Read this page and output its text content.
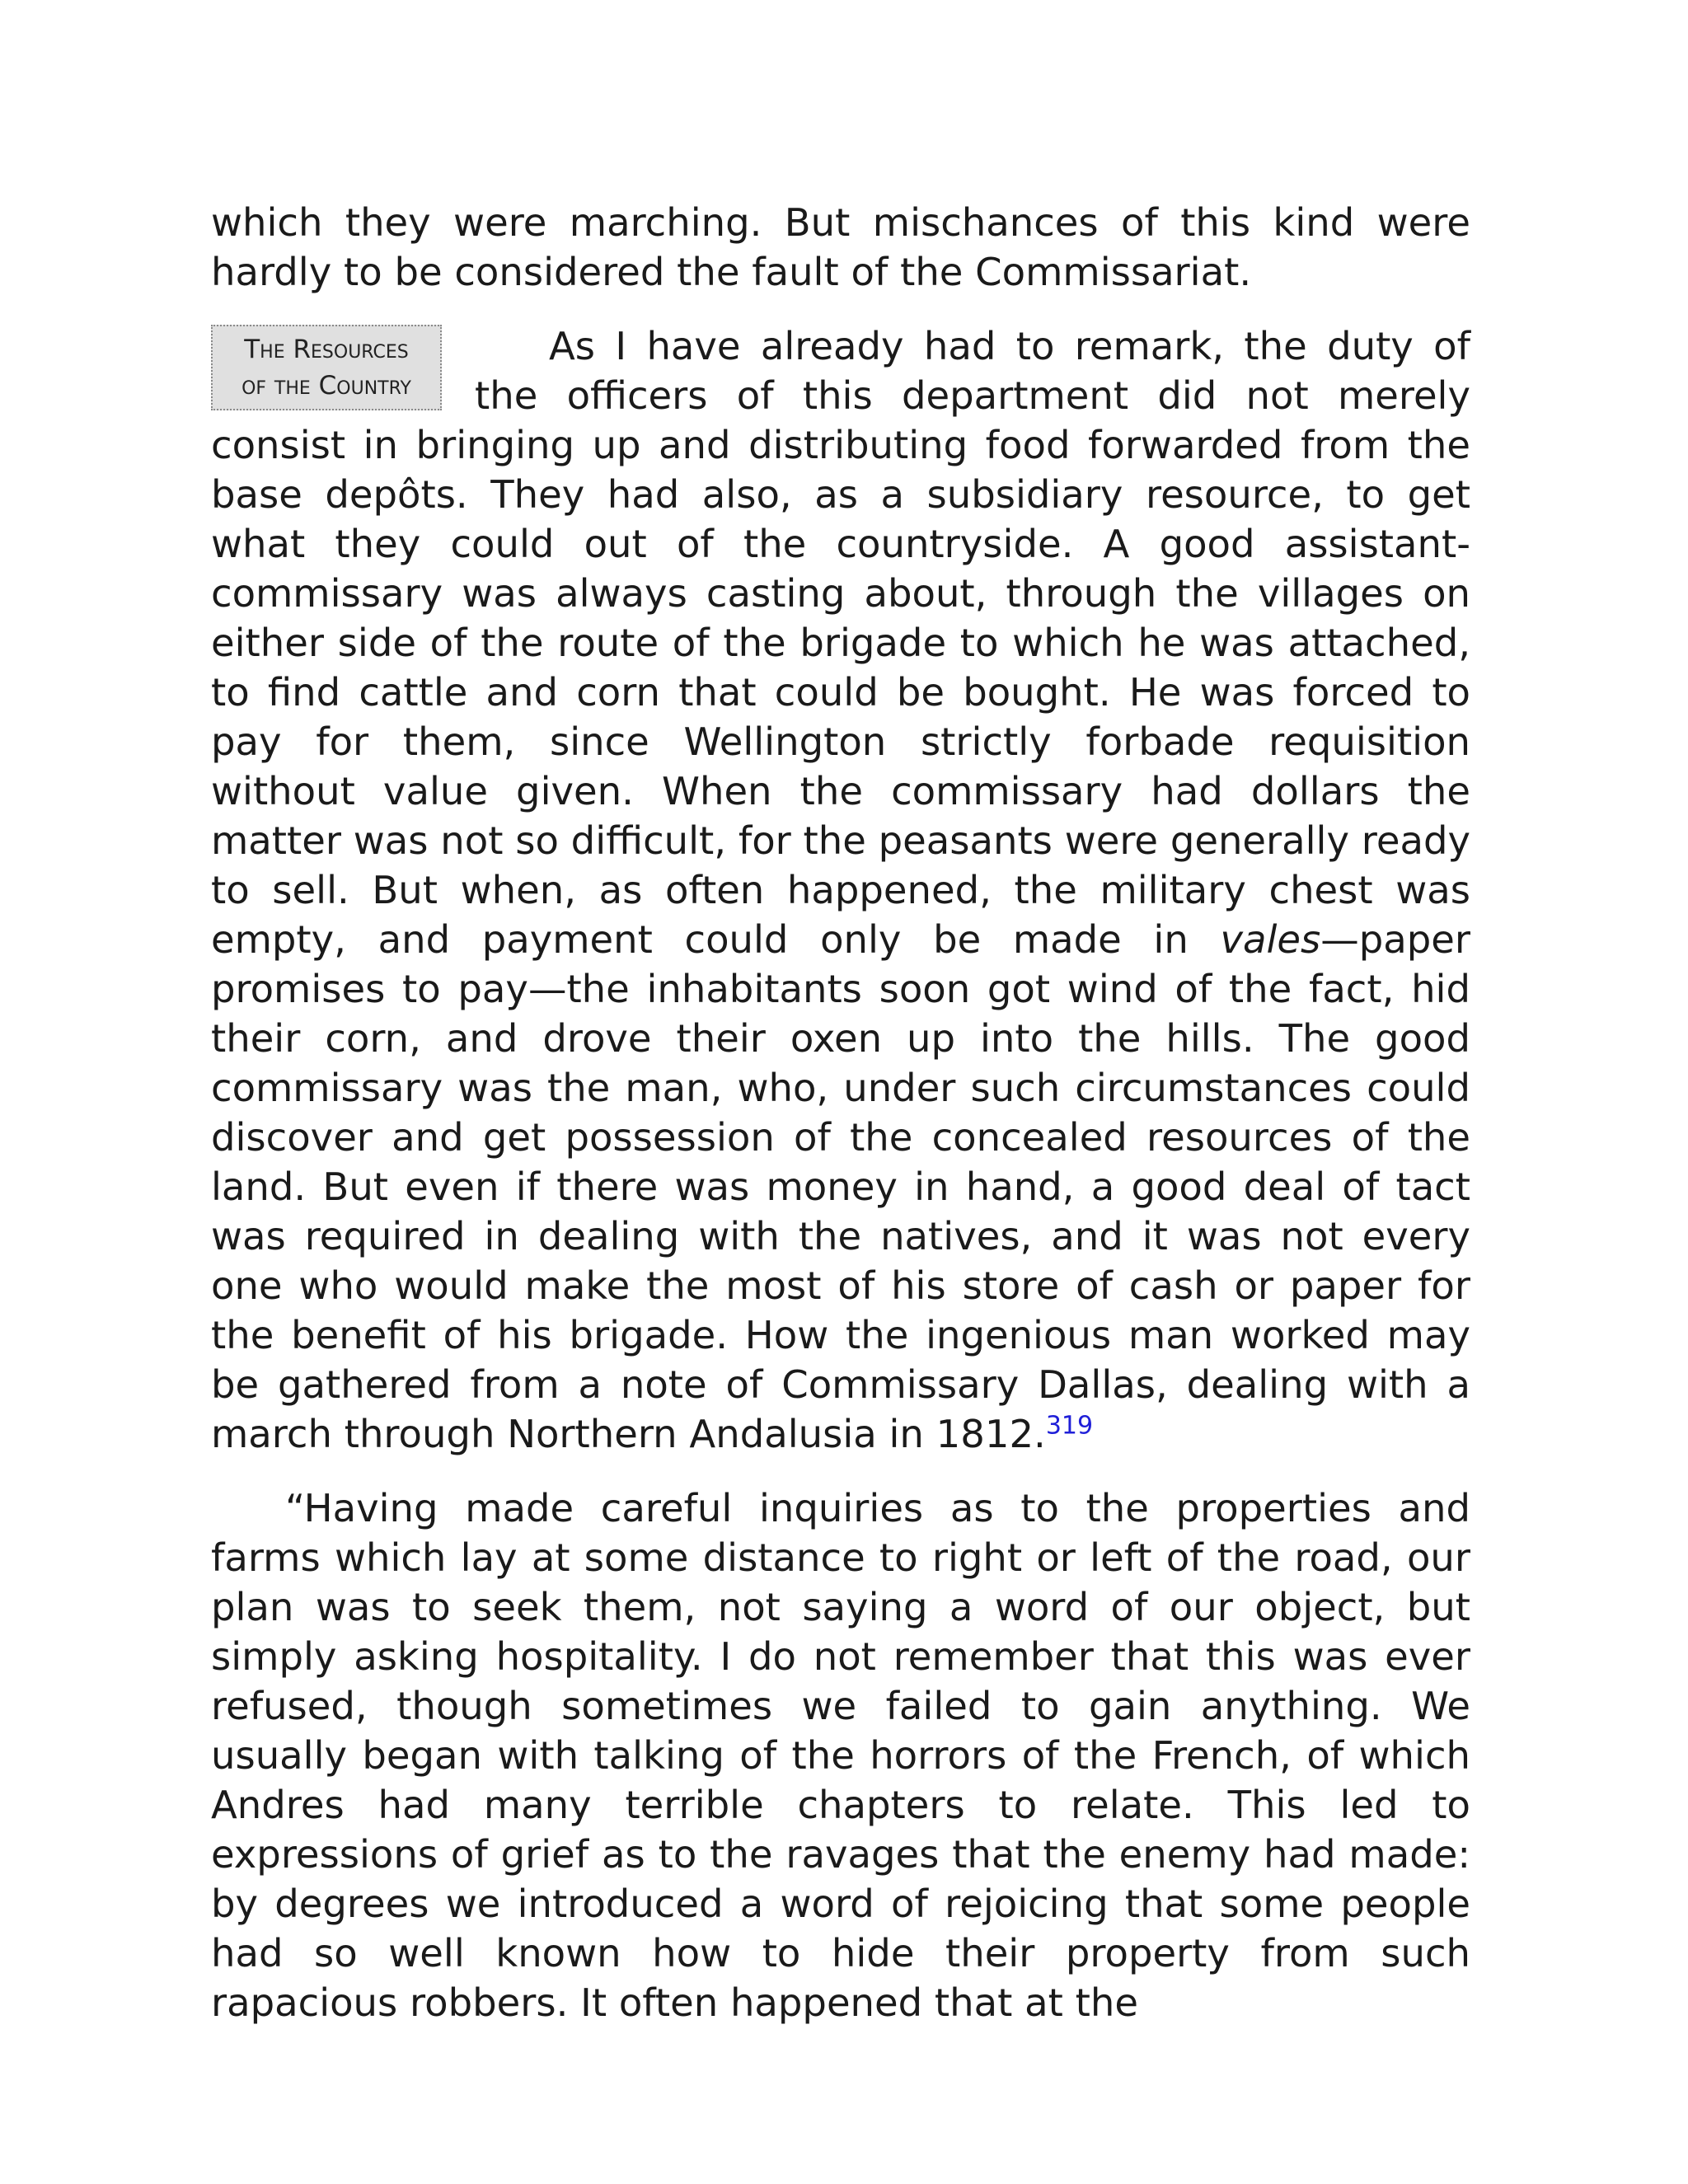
which they were marching. But mischances of this kind were hardly to be considered the fault of the Commissariat.

The Resources
of the Country
As I have already had to remark, the duty of the officers of this department did not merely consist in bringing up and distributing food forwarded from the base depôts. They had also, as a subsidiary resource, to get what they could out of the countryside. A good assistant-commissary was always casting about, through the villages on either side of the route of the brigade to which he was attached, to find cattle and corn that could be bought. He was forced to pay for them, since Wellington strictly forbade requisition without value given. When the commissary had dollars the matter was not so difficult, for the peasants were generally ready to sell. But when, as often happened, the military chest was empty, and payment could only be made in vales—paper promises to pay—the inhabitants soon got wind of the fact, hid their corn, and drove their oxen up into the hills. The good commissary was the man, who, under such circumstances could discover and get possession of the concealed resources of the land. But even if there was money in hand, a good deal of tact was required in dealing with the natives, and it was not every one who would make the most of his store of cash or paper for the benefit of his brigade. How the ingenious man worked may be gathered from a note of Commissary Dallas, dealing with a march through Northern Andalusia in 1812.$^{319}$

“Having made careful inquiries as to the properties and farms which lay at some distance to right or left of the road, our plan was to seek them, not saying a word of our object, but simply asking hospitality. I do not remember that this was ever refused, though sometimes we failed to gain anything. We usually began with talking of the horrors of the French, of which Andres had many terrible chapters to relate. This led to expressions of grief as to the ravages that the enemy had made: by degrees we introduced a word of rejoicing that some people had so well known how to hide their property from such rapacious robbers. It often happened that at the
